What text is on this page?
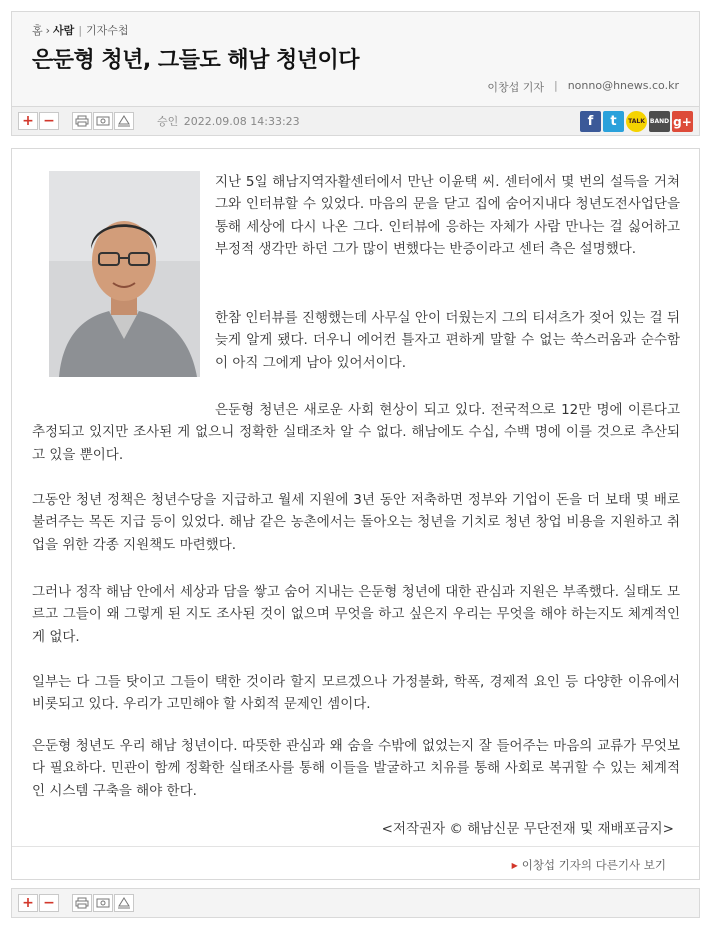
홈 › 사람 | 기자수첩
은둔형 청년, 그들도 해남 청년이다
이창섭 기자 | nonno@hnews.co.kr
+ −	승인 2022.09.08 14:33:23	f	t	TALK BAND g+
지난 5일 해남지역자활센터에서 만난 이윤택 씨. 센터에서 몇 번의 설득을 거쳐 그와 인터뷰할 수 있었다. 마음의 문을 닫고 집에 숨어지내다 청년도전사업단을 통해 세상에 다시 나온 그다. 인터뷰에 응하는 자체가 사람 만나는 걸 싫어하고 부정적 생각만 하던 그가 많이 변했다는 반증이라고 센터 측은 설명했다.
한참 인터뷰를 진행했는데 사무실 안이 더웠는지 그의 티셔츠가 젖어 있는 걸 뒤늦게 알게 됐다. 더우니 에어컨 틀자고 편하게 말할 수 없는 쑥스러움과 순수함이 아직 그에게 남아 있어서이다.
은둔형 청년은 새로운 사회 현상이 되고 있다. 전국적으로 12만 명에 이른다고 추정되고 있지만 조사된 게 없으니 정확한 실태조차 알 수 없다. 해남에도 수십, 수백 명에 이를 것으로 추산되고 있을 뿐이다.
그동안 청년 정책은 청년수당을 지급하고 월세 지원에 3년 동안 저축하면 정부와 기업이 돈을 더 보태 몇 배로 불려주는 목돈 지급 등이 있었다. 해남 같은 농촌에서는 돌아오는 청년을 기치로 청년 창업 비용을 지원하고 취업을 위한 각종 지원책도 마련했다.
그러나 정작 해남 안에서 세상과 담을 쌓고 숨어 지내는 은둔형 청년에 대한 관심과 지원은 부족했다. 실태도 모르고 그들이 왜 그렇게 된 지도 조사된 것이 없으며 무엇을 하고 싶은지 우리는 무엇을 해야 하는지도 체계적인 게 없다.
일부는 다 그들 탓이고 그들이 택한 것이라 할지 모르겠으나 가정불화, 학폭, 경제적 요인 등 다양한 이유에서 비롯되고 있다. 우리가 고민해야 할 사회적 문제인 셈이다.
은둔형 청년도 우리 해남 청년이다. 따뜻한 관심과 왜 숨을 수밖에 없었는지 잘 들어주는 마음의 교류가 무엇보다 필요하다. 민관이 함께 정확한 실태조사를 통해 이들을 발굴하고 치유를 통해 사회로 복귀할 수 있는 체계적인 시스템 구축을 해야 한다.
<저작권자 © 해남신문 무단전재 및 재배포금지>
▶ 이창섭 기자의 다른기사 보기
+ −
